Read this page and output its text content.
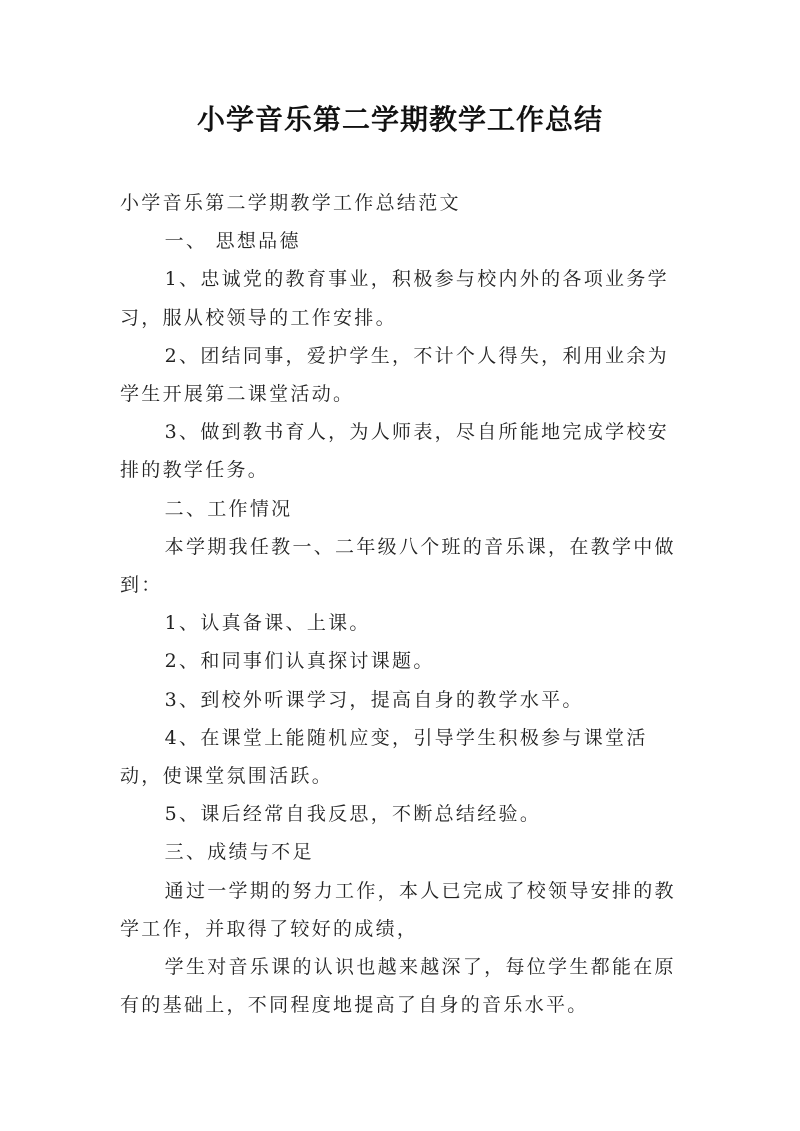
小学音乐第二学期教学工作总结

小学音乐第二学期教学工作总结范文

一、 思想品德

1、忠诚党的教育事业，积极参与校内外的各项业务学习，服从校领导的工作安排。

2、团结同事，爱护学生，不计个人得失，利用业余为学生开展第二课堂活动。

3、做到教书育人，为人师表，尽自所能地完成学校安排的教学任务。

二、工作情况

本学期我任教一、二年级八个班的音乐课，在教学中做到：

1、认真备课、上课。

2、和同事们认真探讨课题。

3、到校外听课学习，提高自身的教学水平。

4、在课堂上能随机应变，引导学生积极参与课堂活动，使课堂氛围活跃。

5、课后经常自我反思，不断总结经验。

三、成绩与不足

通过一学期的努力工作，本人已完成了校领导安排的教学工作，并取得了较好的成绩，

学生对音乐课的认识也越来越深了，每位学生都能在原有的基础上，不同程度地提高了自身的音乐水平。
